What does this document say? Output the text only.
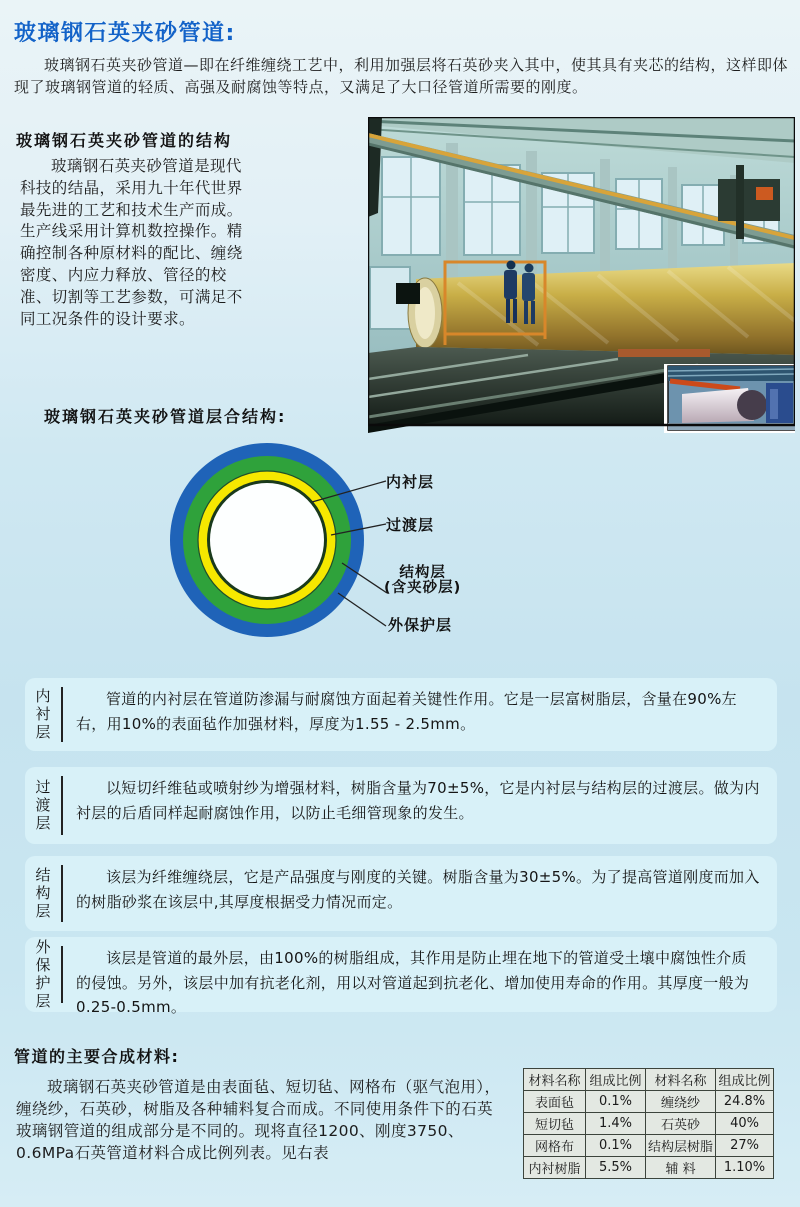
玻璃钢石英夹砂管道:
玻璃钢石英夹砂管道—即在纤维缠绕工艺中，利用加强层将石英砂夹入其中，使其具有夹芯的结构，这样即体现了玻璃钢管道的轻质、高强及耐腐蚀等特点，又满足了大口径管道所需要的刚度。
玻璃钢石英夹砂管道的结构
玻璃钢石英夹砂管道是现代科技的结晶，采用九十年代世界最先进的工艺和技术生产而成。生产线采用计算机数控操作。精确控制各种原材料的配比、缠绕密度、内应力释放、管径的校准、切割等工艺参数，可满足不同工况条件的设计要求。
玻璃钢石英夹砂管道层合结构:
内衬层
过渡层
结构层
(含夹砂层)
外保护层
内衬层	管道的内衬层在管道防渗漏与耐腐蚀方面起着关键性作用。它是一层富树脂层，含量在90%左右，用10%的表面毡作加强材料，厚度为1.55 - 2.5mm。
过渡层	以短切纤维毡或喷射纱为增强材料，树脂含量为70±5%，它是内衬层与结构层的过渡层。做为内衬层的后盾同样起耐腐蚀作用，以防止毛细管现象的发生。
结构层	该层为纤维缠绕层，它是产品强度与刚度的关键。树脂含量为30±5%。为了提高管道刚度而加入的树脂砂浆在该层中,其厚度根据受力情况而定。
外保护层	该层是管道的最外层，由100%的树脂组成，其作用是防止埋在地下的管道受土壤中腐蚀性介质的侵蚀。另外，该层中加有抗老化剂，用以对管道起到抗老化、增加使用寿命的作用。其厚度一般为0.25-0.5mm。
管道的主要合成材料:
玻璃钢石英夹砂管道是由表面毡、短切毡、网格布（驱气泡用），缠绕纱，石英砂，树脂及各种辅料复合而成。不同使用条件下的石英玻璃钢管道的组成部分是不同的。现将直径1200、刚度3750、0.6MPa石英管道材料合成比例列表。见右表
材料名称	组成比例	材料名称	组成比例
表面毡	0.1%	缠绕纱	24.8%
短切毡	1.4%	石英砂	40%
网格布	0.1%	结构层树脂	27%
内衬树脂	5.5%	辅 料	1.10%
